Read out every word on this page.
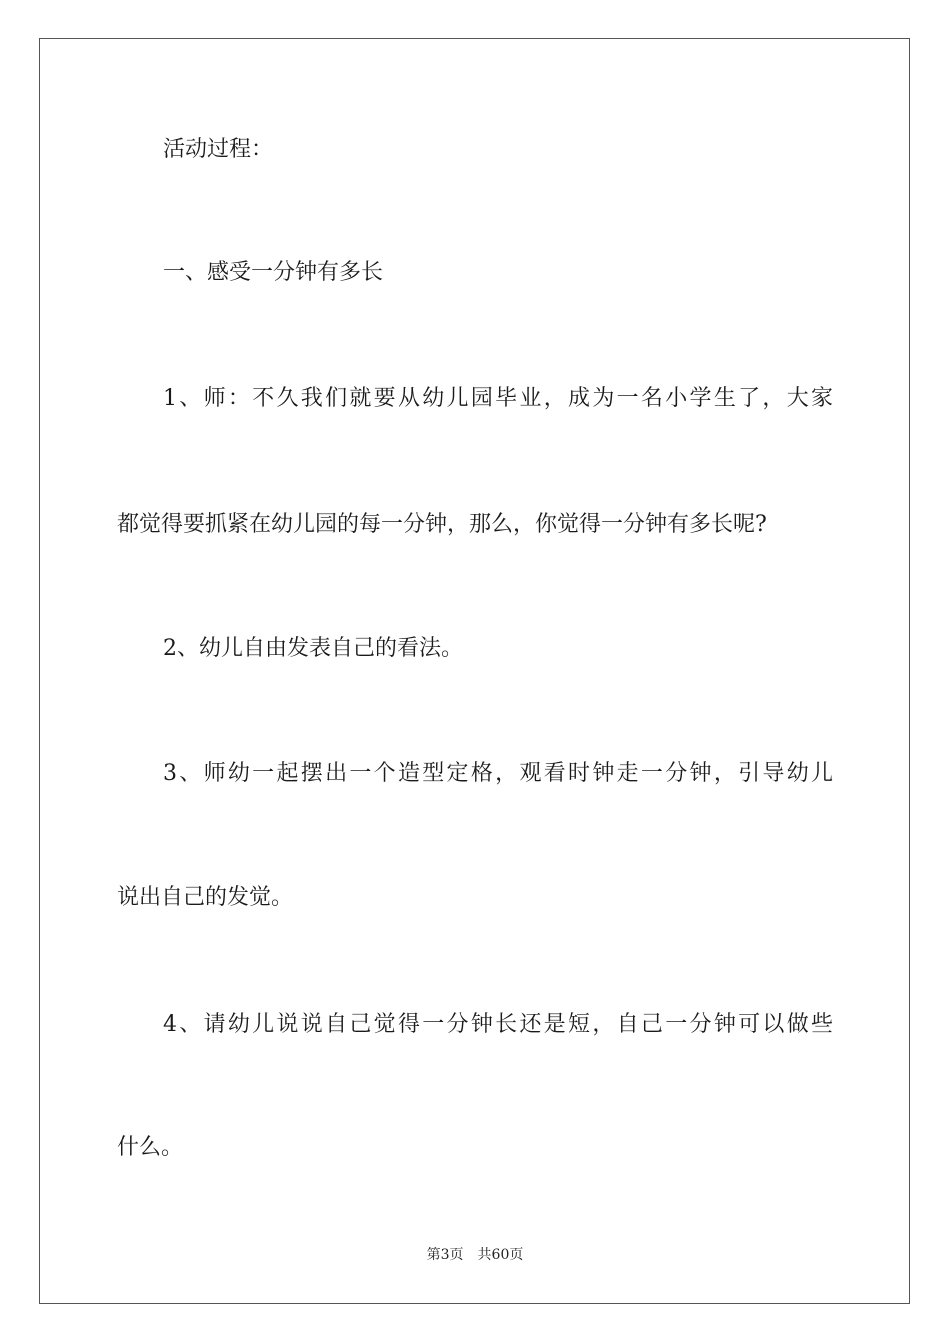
活动过程：
一、感受一分钟有多长
1、师：不久我们就要从幼儿园毕业，成为一名小学生了，大家
都觉得要抓紧在幼儿园的每一分钟，那么，你觉得一分钟有多长呢?
2、幼儿自由发表自己的看法。
3、师幼一起摆出一个造型定格，观看时钟走一分钟，引导幼儿
说出自己的发觉。
4、请幼儿说说自己觉得一分钟长还是短，自己一分钟可以做些
什么。
第3页 共60页
